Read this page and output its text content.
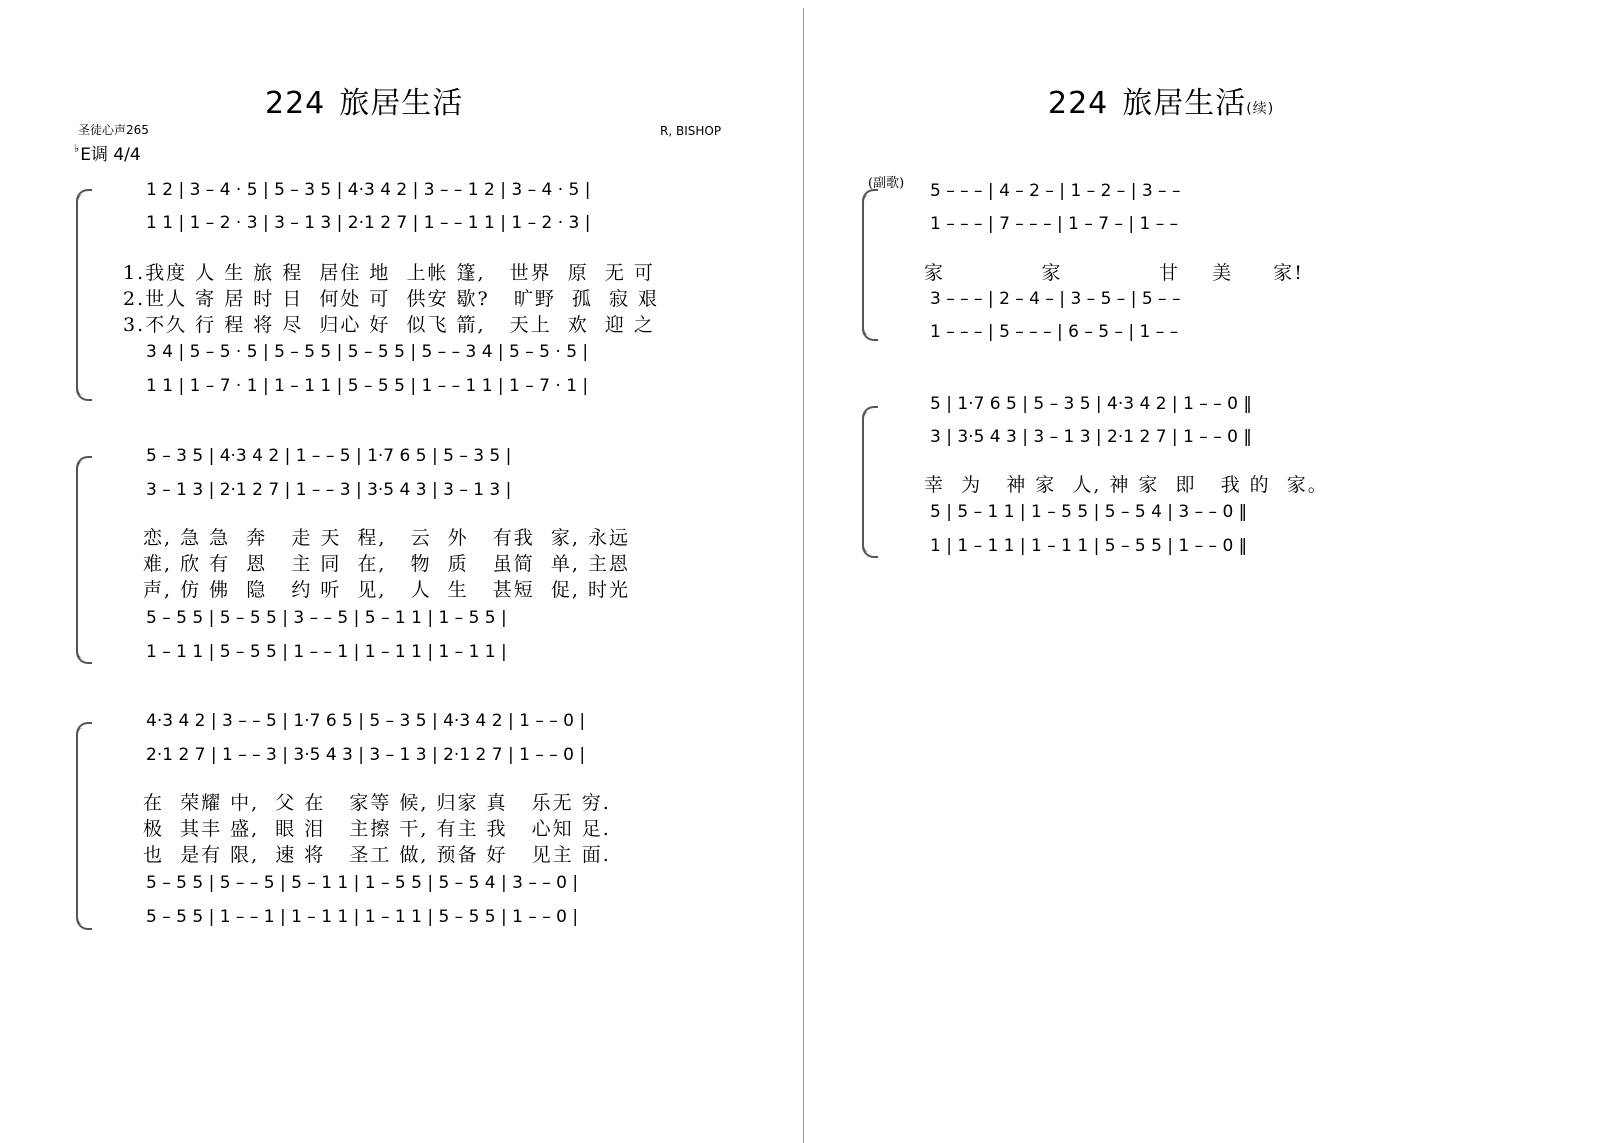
224 旅居生活
圣徒心声265	R, BISHOP
♭E调 4/4
1 2 | 3 – 4 · 5 | 5 – 3 5 | 4·3 4 2 | 3 – – 1 2 | 3 – 4 · 5 |
1 1 | 1 – 2 · 3 | 3 – 1 3 | 2·1 2 7 | 1 – – 1 1 | 1 – 2 · 3 |
1.我度 人 生 旅 程  居住 地  上帐 篷,   世界  原  无 可
2.世人 寄 居 时 日  何处 可  供安 歇?   旷野  孤  寂 艰
3.不久 行 程 将 尽  归心 好  似飞 箭,   天上  欢  迎 之
3 4 | 5 – 5 · 5 | 5 – 5 5 | 5 – 5 5 | 5 – – 3 4 | 5 – 5 · 5 |
1 1 | 1 – 7 · 1 | 1 – 1 1 | 5 – 5 5 | 1 – – 1 1 | 1 – 7 · 1 |
5 – 3 5 | 4·3 4 2 | 1 – – 5 | 1·7 6 5 | 5 – 3 5 |
3 – 1 3 | 2·1 2 7 | 1 – – 3 | 3·5 4 3 | 3 – 1 3 |
恋, 急 急  奔   走 天  程,   云  外   有我  家, 永远
难, 欣 有  恩   主 同  在,   物  质   虽简  单, 主恩
声, 仿 佛  隐   约 听  见,   人  生   甚短  促, 时光
5 – 5 5 | 5 – 5 5 | 3 – – 5 | 5 – 1 1 | 1 – 5 5 |
1 – 1 1 | 5 – 5 5 | 1 – – 1 | 1 – 1 1 | 1 – 1 1 |
4·3 4 2 | 3 – – 5 | 1·7 6 5 | 5 – 3 5 | 4·3 4 2 | 1 – – 0 |
2·1 2 7 | 1 – – 3 | 3·5 4 3 | 3 – 1 3 | 2·1 2 7 | 1 – – 0 |
在  荣耀 中,  父 在   家等 候, 归家 真   乐无 穷.
极  其丰 盛,  眼 泪   主擦 干, 有主 我   心知 足.
也  是有 限,  速 将   圣工 做, 预备 好   见主 面.
5 – 5 5 | 5 – – 5 | 5 – 1 1 | 1 – 5 5 | 5 – 5 4 | 3 – – 0 |
5 – 5 5 | 1 – – 1 | 1 – 1 1 | 1 – 1 1 | 5 – 5 5 | 1 – – 0 |
224 旅居生活(续)
(副歌) 5 – – – | 4 – 2 – | 1 – 2 – | 3 – –
1 – – – | 7 – – – | 1 – 7 – | 1 – –
家            家            甘    美     家!
3 – – – | 2 – 4 – | 3 – 5 – | 5 – –
1 – – – | 5 – – – | 6 – 5 – | 1 – –
5 | 1·7 6 5 | 5 – 3 5 | 4·3 4 2 | 1 – – 0 ‖
3 | 3·5 4 3 | 3 – 1 3 | 2·1 2 7 | 1 – – 0 ‖
幸  为   神 家  人, 神 家  即   我 的  家。
5 | 5 – 1 1 | 1 – 5 5 | 5 – 5 4 | 3 – – 0 ‖
1 | 1 – 1 1 | 1 – 1 1 | 5 – 5 5 | 1 – – 0 ‖
